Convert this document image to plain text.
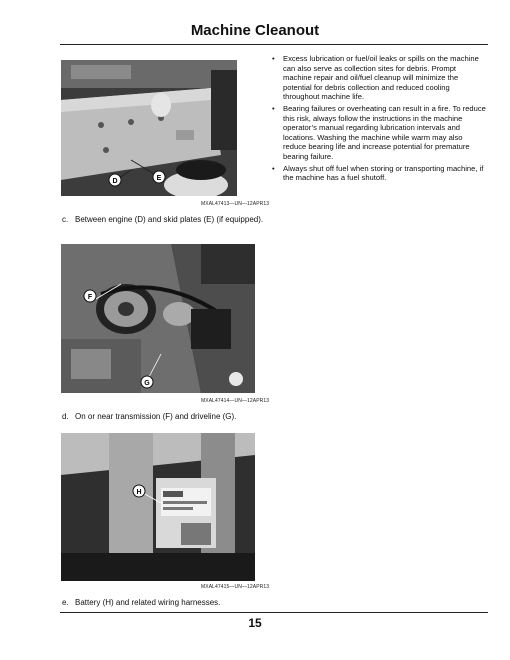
Machine Cleanout
E
D
MXAL47413—UN—12APR13
c. Between engine (D) and skid plates (E) (if equipped).
F
G
MXAL47414—UN—12APR13
d. On or near transmission (F) and driveline (G).
H
MXAL47415—UN—12APR13
e. Battery (H) and related wiring harnesses.
• Excess lubrication or fuel/oil leaks or spills on the machine can also serve as collection sites for debris. Prompt machine repair and oil/fuel cleanup will minimize the potential for debris collection and reduced cooling throughout machine life.
• Bearing failures or overheating can result in a fire. To reduce this risk, always follow the instructions in the machine operator’s manual regarding lubrication intervals and locations. Washing the machine while warm may also reduce bearing life and increase potential for premature bearing failure.
• Always shut off fuel when storing or transporting machine, if the machine has a fuel shutoff.
15
